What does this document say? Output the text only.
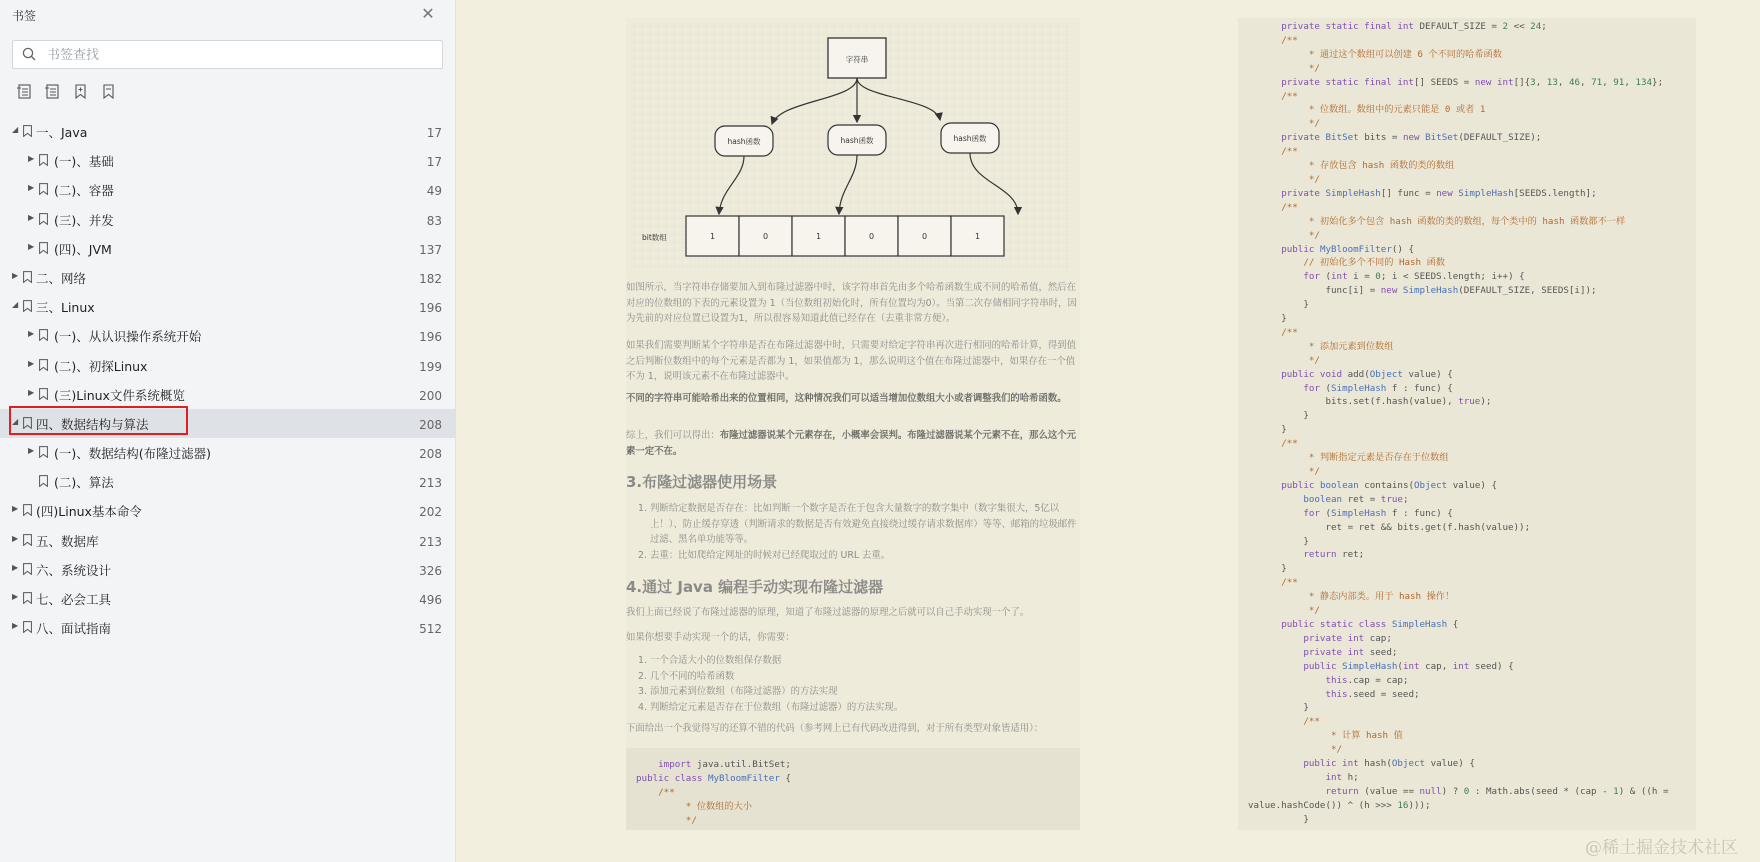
书签	✕
书签查找
◢	一、Java	17
▶	(一)、基础	17
▶	(二)、容器	49
▶	(三)、并发	83
▶	(四)、JVM	137
▶	二、网络	182
◢	三、Linux	196
▶	(一)、从认识操作系统开始	196
▶	(二)、初探Linux	199
▶	(三)Linux文件系统概览	200
◢	四、数据结构与算法	208
▶	(一)、数据结构(布隆过滤器)	208
(二)、算法	213
▶	(四)Linux基本命令	202
▶	五、数据库	213
▶	六、系统设计	326
▶	七、必会工具	496
▶	八、面试指南	512
字符串
hash函数	hash函数	hash函数
bit数组	1	0	1	0	0	1
如图所示，当字符串存储要加入到布隆过滤器中时，该字符串首先由多个哈希函数生成不同的哈希值，然后在对应的位数组的下表的元素设置为 1（当位数组初始化时，所有位置均为0）。当第二次存储相同字符串时，因为先前的对应位置已设置为1，所以很容易知道此值已经存在（去重非常方便）。
如果我们需要判断某个字符串是否在布隆过滤器中时，只需要对给定字符串再次进行相同的哈希计算，得到值之后判断位数组中的每个元素是否都为 1，如果值都为 1，那么说明这个值在布隆过滤器中，如果存在一个值不为 1，说明该元素不在布隆过滤器中。
不同的字符串可能哈希出来的位置相同，这种情况我们可以适当增加位数组大小或者调整我们的哈希函数。
综上，我们可以得出：布隆过滤器说某个元素存在，小概率会误判。布隆过滤器说某个元素不在，那么这个元素一定不在。
3.布隆过滤器使用场景
1. 判断给定数据是否存在：比如判断一个数字是否在于包含大量数字的数字集中（数字集很大，5亿以上！）、防止缓存穿透（判断请求的数据是否有效避免直接绕过缓存请求数据库）等等、邮箱的垃圾邮件过滤、黑名单功能等等。
2. 去重：比如爬给定网址的时候对已经爬取过的 URL 去重。
4.通过 Java 编程手动实现布隆过滤器
我们上面已经说了布隆过滤器的原理，知道了布隆过滤器的原理之后就可以自己手动实现一个了。
如果你想要手动实现一个的话，你需要：
1. 一个合适大小的位数组保存数据
2. 几个不同的哈希函数
3. 添加元素到位数组（布隆过滤器）的方法实现
4. 判断给定元素是否存在于位数组（布隆过滤器）的方法实现。
下面给出一个我觉得写的还算不错的代码（参考网上已有代码改进得到，对于所有类型对象皆适用）：
import java.util.BitSet;
public class MyBloomFilter {
/**
* 位数组的大小
*/
private static final int DEFAULT_SIZE = 2 << 24;
/**
* 通过这个数组可以创建 6 个不同的哈希函数
*/
private static final int[] SEEDS = new int[]{3, 13, 46, 71, 91, 134};
/**
* 位数组。数组中的元素只能是 0 或者 1
*/
private BitSet bits = new BitSet(DEFAULT_SIZE);
/**
* 存放包含 hash 函数的类的数组
*/
private SimpleHash[] func = new SimpleHash[SEEDS.length];
/**
* 初始化多个包含 hash 函数的类的数组，每个类中的 hash 函数都不一样
*/
public MyBloomFilter() {
// 初始化多个不同的 Hash 函数
for (int i = 0; i < SEEDS.length; i++) {
func[i] = new SimpleHash(DEFAULT_SIZE, SEEDS[i]);
}
}
/**
* 添加元素到位数组
*/
public void add(Object value) {
for (SimpleHash f : func) {
bits.set(f.hash(value), true);
}
}
/**
* 判断指定元素是否存在于位数组
*/
public boolean contains(Object value) {
boolean ret = true;
for (SimpleHash f : func) {
ret = ret && bits.get(f.hash(value));
}
return ret;
}
/**
* 静态内部类。用于 hash 操作！
*/
public static class SimpleHash {
private int cap;
private int seed;
public SimpleHash(int cap, int seed) {
this.cap = cap;
this.seed = seed;
}
/**
* 计算 hash 值
*/
public int hash(Object value) {
int h;
return (value == null) ? 0 : Math.abs(seed * (cap - 1) & ((h =
value.hashCode()) ^ (h >>> 16)));
}
@稀土掘金技术社区
